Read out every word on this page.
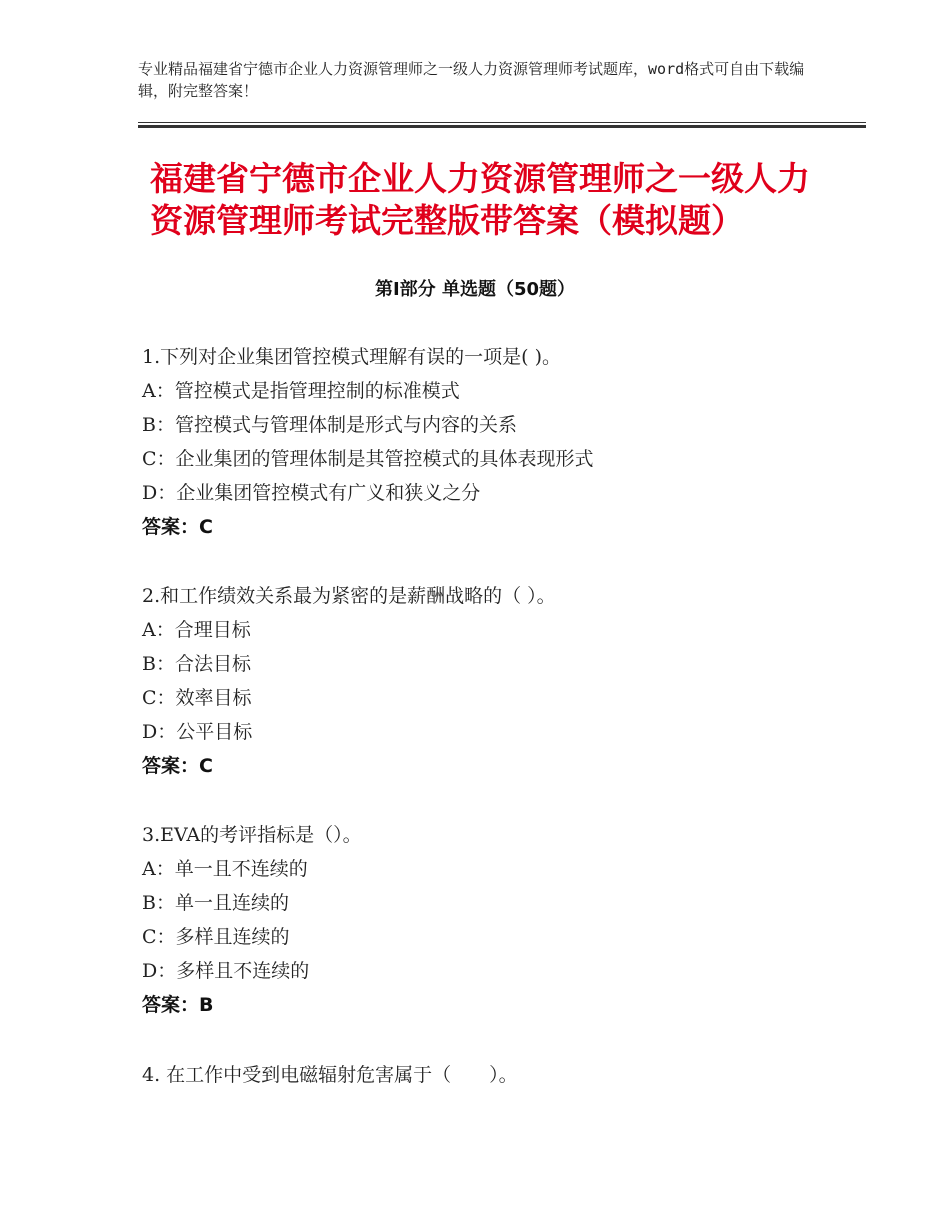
专业精品福建省宁德市企业人力资源管理师之一级人力资源管理师考试题库，word格式可自由下载编辑，附完整答案！
福建省宁德市企业人力资源管理师之一级人力资源管理师考试完整版带答案（模拟题）
第Ⅰ部分 单选题（50题）
1.下列对企业集团管控模式理解有误的一项是( )。
A：管控模式是指管理控制的标准模式
B：管控模式与管理体制是形式与内容的关系
C：企业集团的管理体制是其管控模式的具体表现形式
D：企业集团管控模式有广义和狭义之分
答案：C
2.和工作绩效关系最为紧密的是薪酬战略的（ ）。
A：合理目标
B：合法目标
C：效率目标
D：公平目标
答案：C
3.EVA的考评指标是（）。
A：单一且不连续的
B：单一且连续的
C：多样且连续的
D：多样且不连续的
答案：B
4. 在工作中受到电磁辐射危害属于（　　）。
